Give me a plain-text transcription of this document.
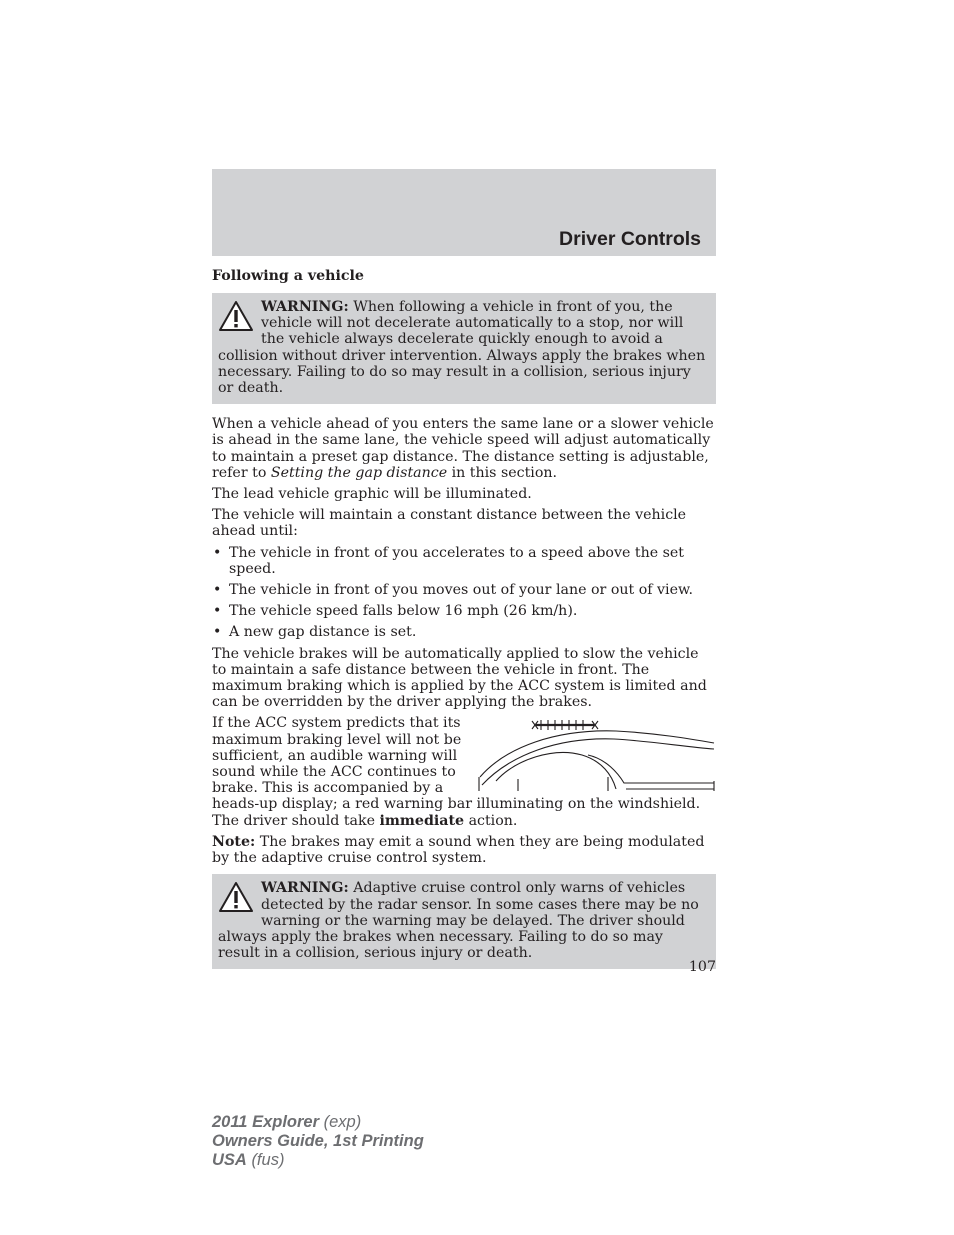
Driver Controls
Following a vehicle
WARNING: When following a vehicle in front of you, the vehicle will not decelerate automatically to a stop, nor will the vehicle always decelerate quickly enough to avoid a collision without driver intervention. Always apply the brakes when necessary. Failing to do so may result in a collision, serious injury or death.

When a vehicle ahead of you enters the same lane or a slower vehicle is ahead in the same lane, the vehicle speed will adjust automatically to maintain a preset gap distance. The distance setting is adjustable, refer to Setting the gap distance in this section.

The lead vehicle graphic will be illuminated.

The vehicle will maintain a constant distance between the vehicle ahead until:

• The vehicle in front of you accelerates to a speed above the set speed.
• The vehicle in front of you moves out of your lane or out of view.
• The vehicle speed falls below 16 mph (26 km/h).
• A new gap distance is set.

The vehicle brakes will be automatically applied to slow the vehicle to maintain a safe distance between the vehicle in front. The maximum braking which is applied by the ACC system is limited and can be overridden by the driver applying the brakes.

If the ACC system predicts that its maximum braking level will not be sufficient, an audible warning will sound while the ACC continues to brake. This is accompanied by a heads-up display; a red warning bar illuminating on the windshield. The driver should take immediate action.

Note: The brakes may emit a sound when they are being modulated by the adaptive cruise control system.

WARNING: Adaptive cruise control only warns of vehicles detected by the radar sensor. In some cases there may be no warning or the warning may be delayed. The driver should always apply the brakes when necessary. Failing to do so may result in a collision, serious injury or death.
107
2011 Explorer (exp)
Owners Guide, 1st Printing
USA (fus)
